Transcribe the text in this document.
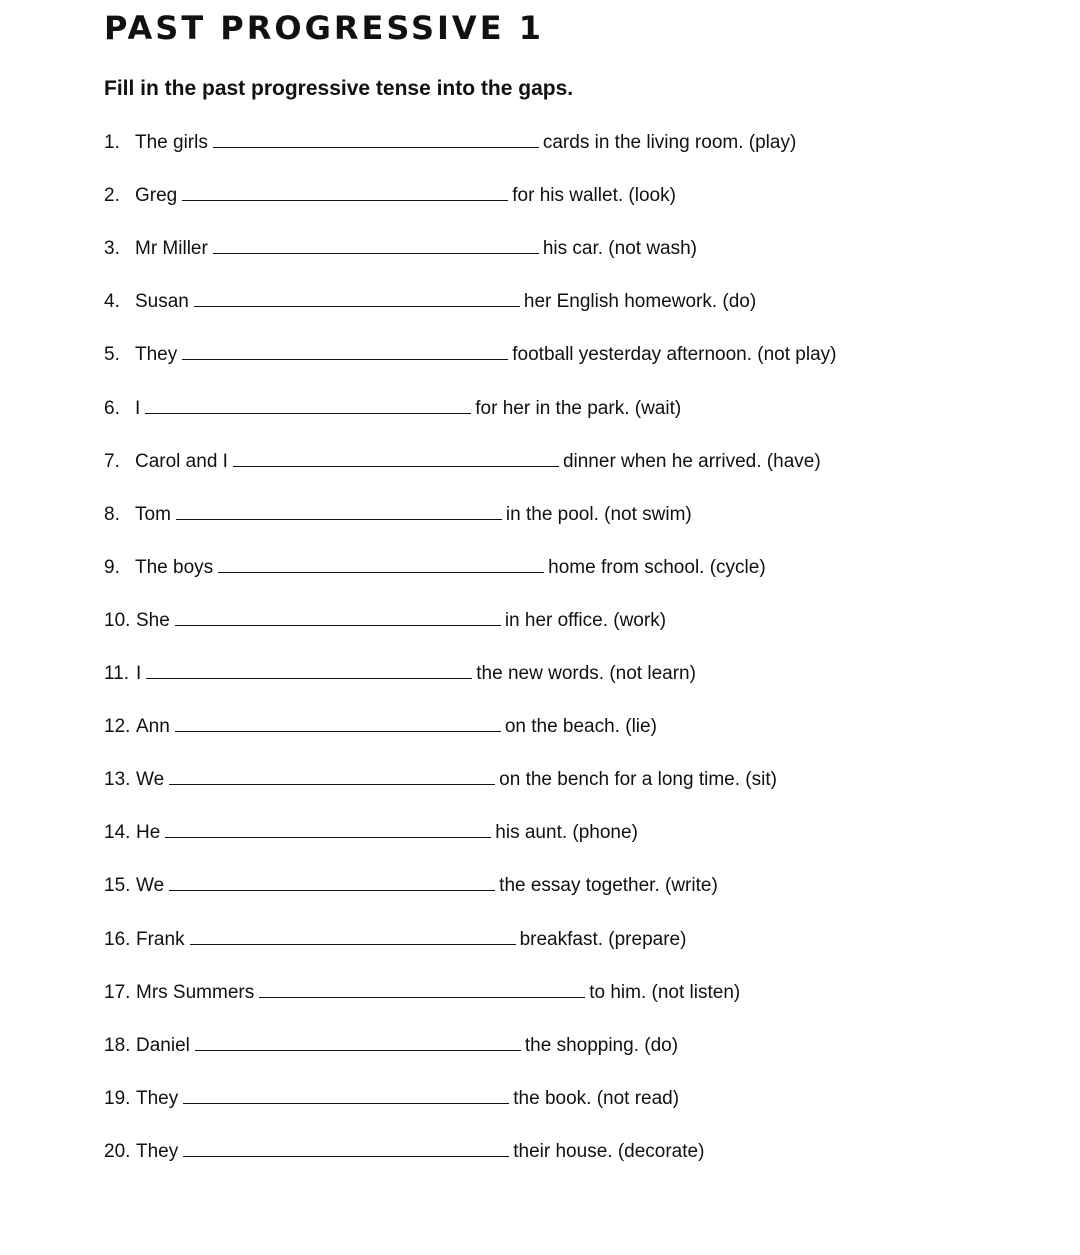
PAST PROGRESSIVE 1

Fill in the past progressive tense into the gaps.

1. The girls	cards in the living room. (play)
2. Greg	for his wallet. (look)
3. Mr Miller	his car. (not wash)
4. Susan	her English homework. (do)
5. They	football yesterday afternoon. (not play)
6. I	for her in the park. (wait)
7. Carol and I	dinner when he arrived. (have)
8. Tom	in the pool. (not swim)
9. The boys	home from school. (cycle)
10. She	in her office. (work)
11. I	the new words. (not learn)
12. Ann	on the beach. (lie)
13. We	on the bench for a long time. (sit)
14. He	his aunt. (phone)
15. We	the essay together. (write)
16. Frank	breakfast. (prepare)
17. Mrs Summers	to him. (not listen)
18. Daniel	the shopping. (do)
19. They	the book. (not read)
20. They	their house. (decorate)
